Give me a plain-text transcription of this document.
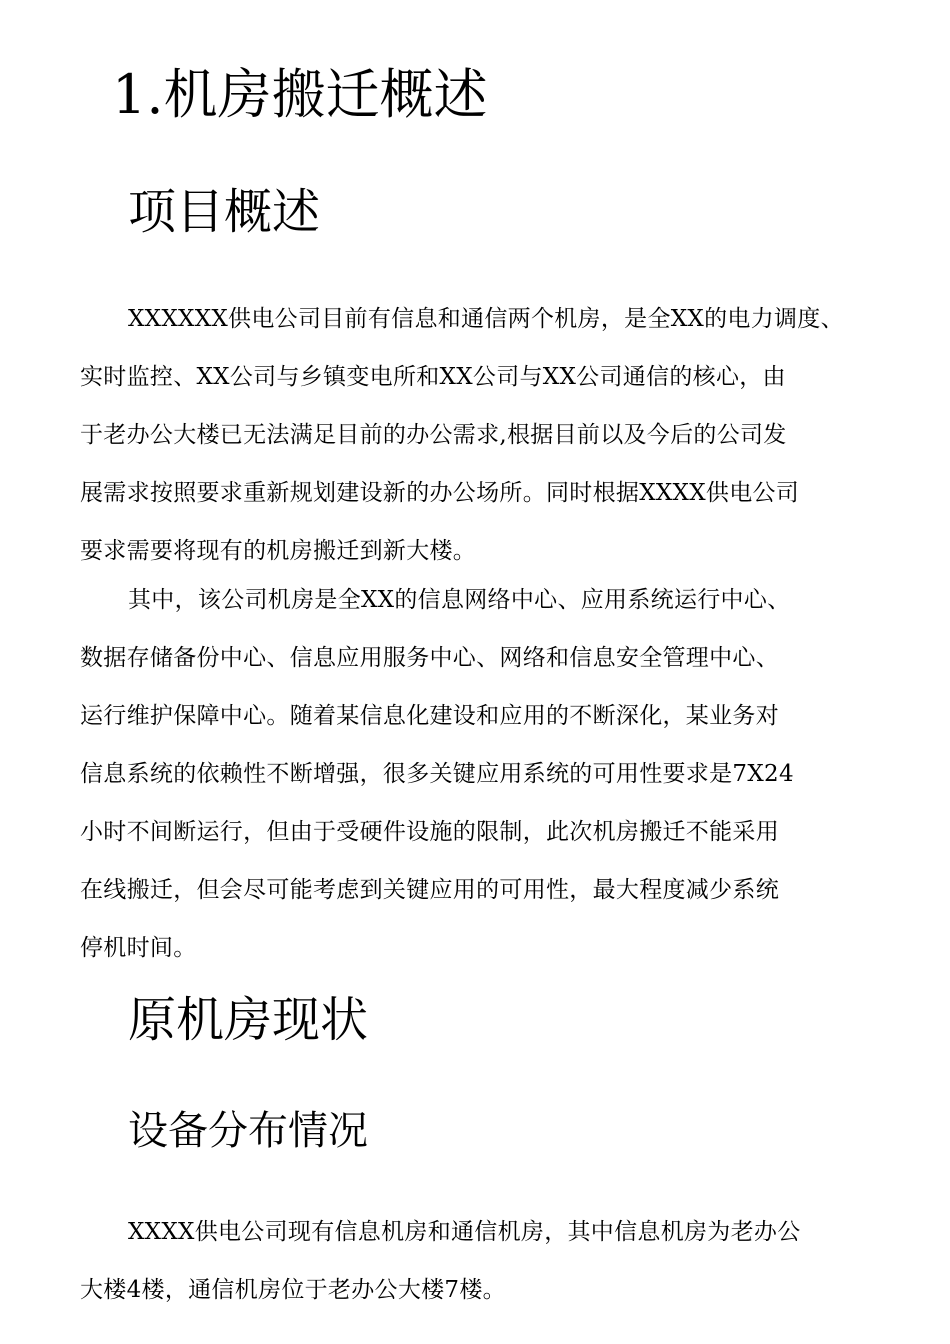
1.机房搬迁概述
项目概述
XXXXXX供电公司目前有信息和通信两个机房，是全XX的电力调度、
实时监控、XX公司与乡镇变电所和XX公司与XX公司通信的核心，由
于老办公大楼已无法满足目前的办公需求,根据目前以及今后的公司发
展需求按照要求重新规划建设新的办公场所。同时根据XXXX供电公司
要求需要将现有的机房搬迁到新大楼。
其中，该公司机房是全XX的信息网络中心、应用系统运行中心、
数据存储备份中心、信息应用服务中心、网络和信息安全管理中心、
运行维护保障中心。随着某信息化建设和应用的不断深化，某业务对
信息系统的依赖性不断增强，很多关键应用系统的可用性要求是7X24
小时不间断运行，但由于受硬件设施的限制，此次机房搬迁不能采用
在线搬迁，但会尽可能考虑到关键应用的可用性，最大程度减少系统
停机时间。
原机房现状
设备分布情况
XXXX供电公司现有信息机房和通信机房，其中信息机房为老办公
大楼4楼，通信机房位于老办公大楼7楼。
